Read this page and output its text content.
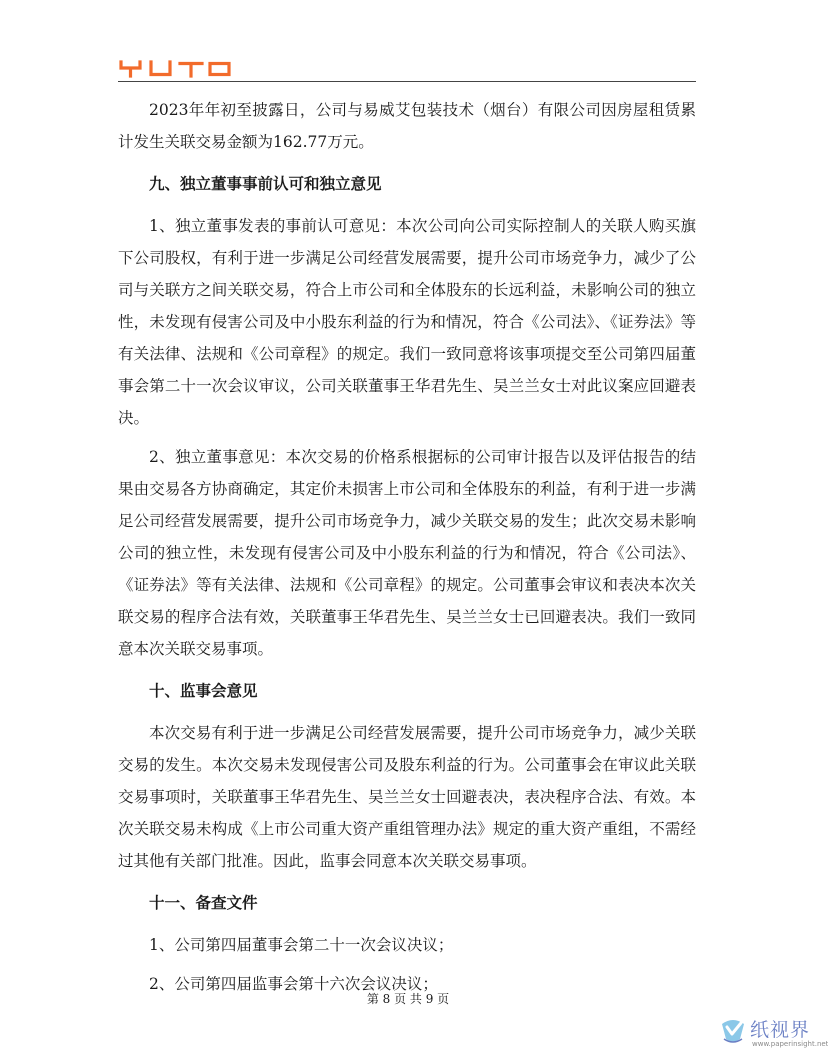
2023年年初至披露日，公司与易威艾包装技术（烟台）有限公司因房屋租赁累计发生关联交易金额为162.77万元。

九、独立董事事前认可和独立意见

1、独立董事发表的事前认可意见：本次公司向公司实际控制人的关联人购买旗下公司股权，有利于进一步满足公司经营发展需要，提升公司市场竞争力，减少了公司与关联方之间关联交易，符合上市公司和全体股东的长远利益，未影响公司的独立性，未发现有侵害公司及中小股东利益的行为和情况，符合《公司法》、《证券法》等有关法律、法规和《公司章程》的规定。我们一致同意将该事项提交至公司第四届董事会第二十一次会议审议，公司关联董事王华君先生、吴兰兰女士对此议案应回避表决。

2、独立董事意见：本次交易的价格系根据标的公司审计报告以及评估报告的结果由交易各方协商确定，其定价未损害上市公司和全体股东的利益，有利于进一步满足公司经营发展需要，提升公司市场竞争力，减少关联交易的发生；此次交易未影响公司的独立性，未发现有侵害公司及中小股东利益的行为和情况，符合《公司法》、《证券法》等有关法律、法规和《公司章程》的规定。公司董事会审议和表决本次关联交易的程序合法有效，关联董事王华君先生、吴兰兰女士已回避表决。我们一致同意本次关联交易事项。

十、监事会意见

本次交易有利于进一步满足公司经营发展需要，提升公司市场竞争力，减少关联交易的发生。本次交易未发现侵害公司及股东利益的行为。公司董事会在审议此关联交易事项时，关联董事王华君先生、吴兰兰女士回避表决，表决程序合法、有效。本次关联交易未构成《上市公司重大资产重组管理办法》规定的重大资产重组，不需经过其他有关部门批准。因此，监事会同意本次关联交易事项。

十一、备查文件

1、公司第四届董事会第二十一次会议决议；

2、公司第四届监事会第十六次会议决议；

第 8 页 共 9 页
纸视界
www.paperinsight.net
